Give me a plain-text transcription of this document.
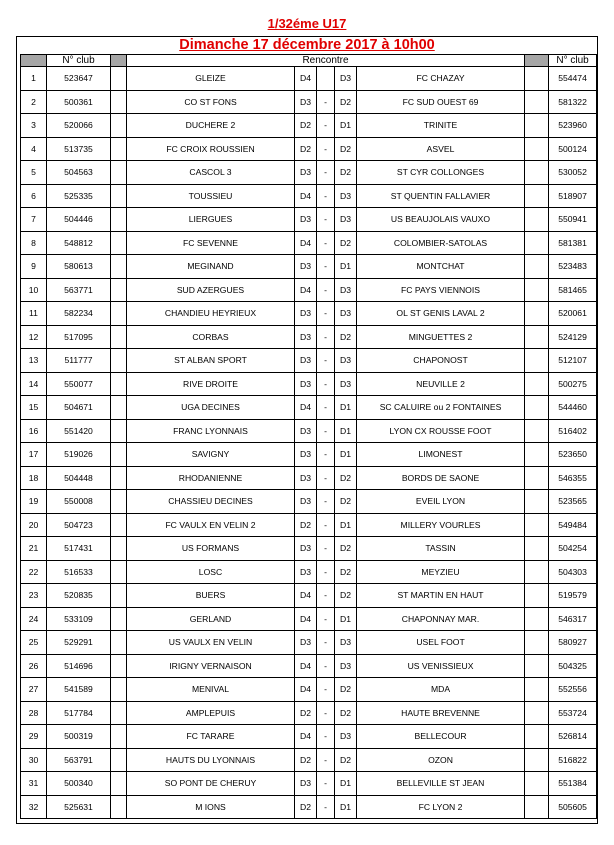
1/32éme U17
Dimanche 17 décembre 2017 à 10h00
	N° club		Rencontre						N° club
1	523647		GLEIZE	D4		D3	FC CHAZAY		554474
2	500361		CO ST FONS	D3	-	D2	FC SUD OUEST 69		581322
3	520066		DUCHERE 2	D2	-	D1	TRINITE		523960
4	513735		FC CROIX ROUSSIEN	D2	-	D2	ASVEL		500124
5	504563		CASCOL 3	D3	-	D2	ST CYR COLLONGES		530052
6	525335		TOUSSIEU	D4	-	D3	ST QUENTIN FALLAVIER		518907
7	504446		LIERGUES	D3	-	D3	US BEAUJOLAIS VAUXO		550941
8	548812		FC SEVENNE	D4	-	D2	COLOMBIER-SATOLAS		581381
9	580613		MEGINAND	D3	-	D1	MONTCHAT		523483
10	563771		SUD AZERGUES	D4	-	D3	FC PAYS VIENNOIS		581465
11	582234		CHANDIEU HEYRIEUX	D3	-	D3	OL ST GENIS LAVAL 2		520061
12	517095		CORBAS	D3	-	D2	MINGUETTES 2		524129
13	511777		ST ALBAN SPORT	D3	-	D3	CHAPONOST		512107
14	550077		RIVE DROITE	D3	-	D3	NEUVILLE 2		500275
15	504671		UGA DECINES	D4	-	D1	SC CALUIRE ou 2 FONTAINES		544460
16	551420		FRANC LYONNAIS	D3	-	D1	LYON CX ROUSSE FOOT		516402
17	519026		SAVIGNY	D3	-	D1	LIMONEST		523650
18	504448		RHODANIENNE	D3	-	D2	BORDS DE SAONE		546355
19	550008		CHASSIEU DECINES	D3	-	D2	EVEIL LYON		523565
20	504723		FC VAULX EN VELIN 2	D2	-	D1	MILLERY VOURLES		549484
21	517431		US FORMANS	D3	-	D2	TASSIN		504254
22	516533		LOSC	D3	-	D2	MEYZIEU		504303
23	520835		BUERS	D4	-	D2	ST MARTIN EN HAUT		519579
24	533109		GERLAND	D4	-	D1	CHAPONNAY MAR.		546317
25	529291		US VAULX EN VELIN	D3	-	D3	USEL FOOT		580927
26	514696		IRIGNY VERNAISON	D4	-	D3	US VENISSIEUX		504325
27	541589		MENIVAL	D4	-	D2	MDA		552556
28	517784		AMPLEPUIS	D2	-	D2	HAUTE BREVENNE		553724
29	500319		FC TARARE	D4	-	D3	BELLECOUR		526814
30	563791		HAUTS DU LYONNAIS	D2	-	D2	OZON		516822
31	500340		SO PONT DE CHERUY	D3	-	D1	BELLEVILLE ST JEAN		551384
32	525631		M IONS	D2	-	D1	FC LYON 2		505605
